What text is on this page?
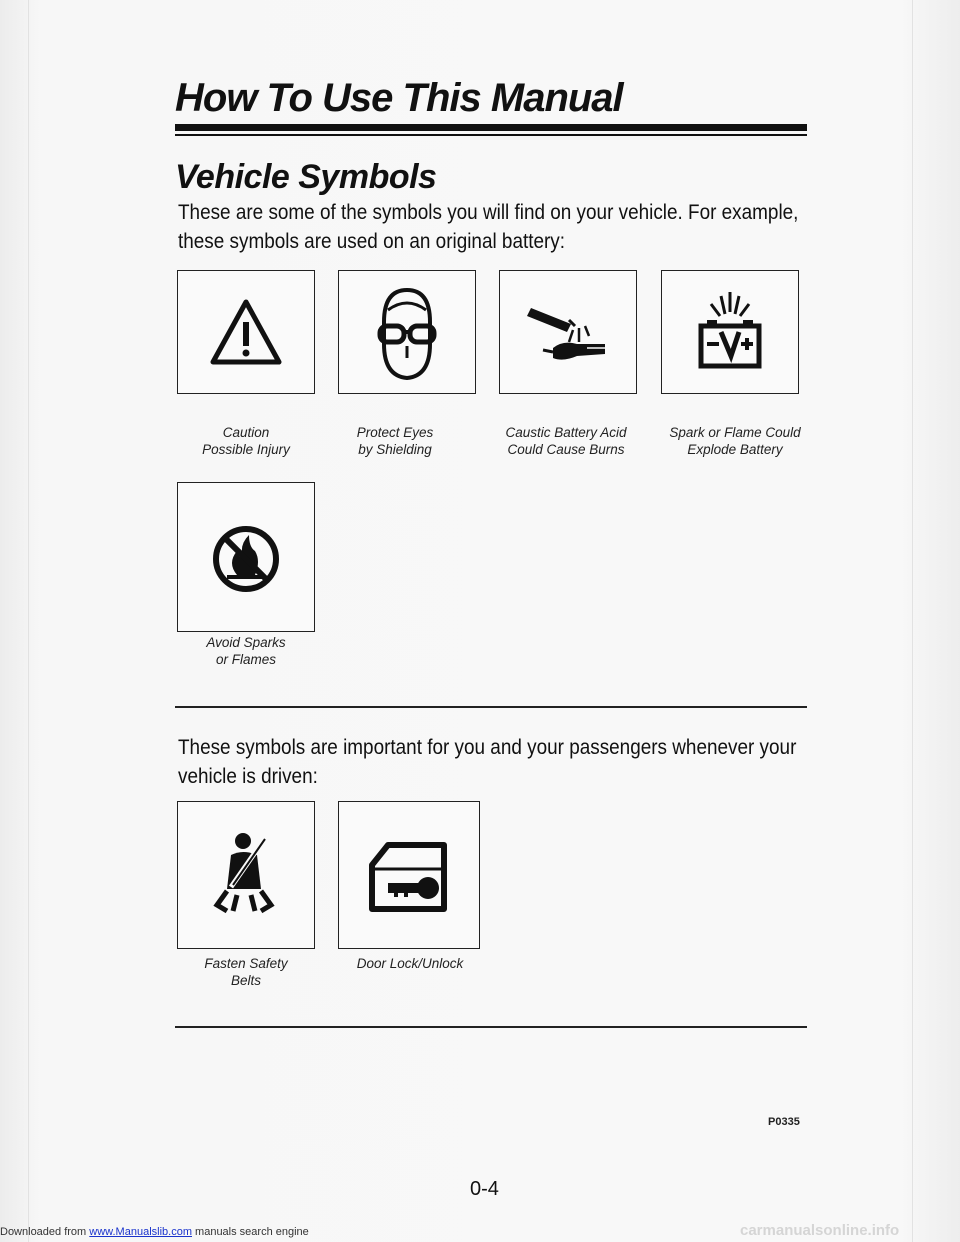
How To Use This Manual
Vehicle Symbols
These are some of the symbols you will find on your vehicle. For example,
these symbols are used on an original battery:
Caution
Possible Injury
Protect Eyes
by Shielding
Caustic Battery Acid
Could Cause Burns
Spark or Flame Could
Explode Battery
Avoid Sparks
or Flames
These symbols are important for you and your passengers whenever your
vehicle is driven:
Fasten Safety
Belts
Door Lock/Unlock
P0335
0-4
Downloaded from www.Manualslib.com manuals search engine	carmanualsonline.info
